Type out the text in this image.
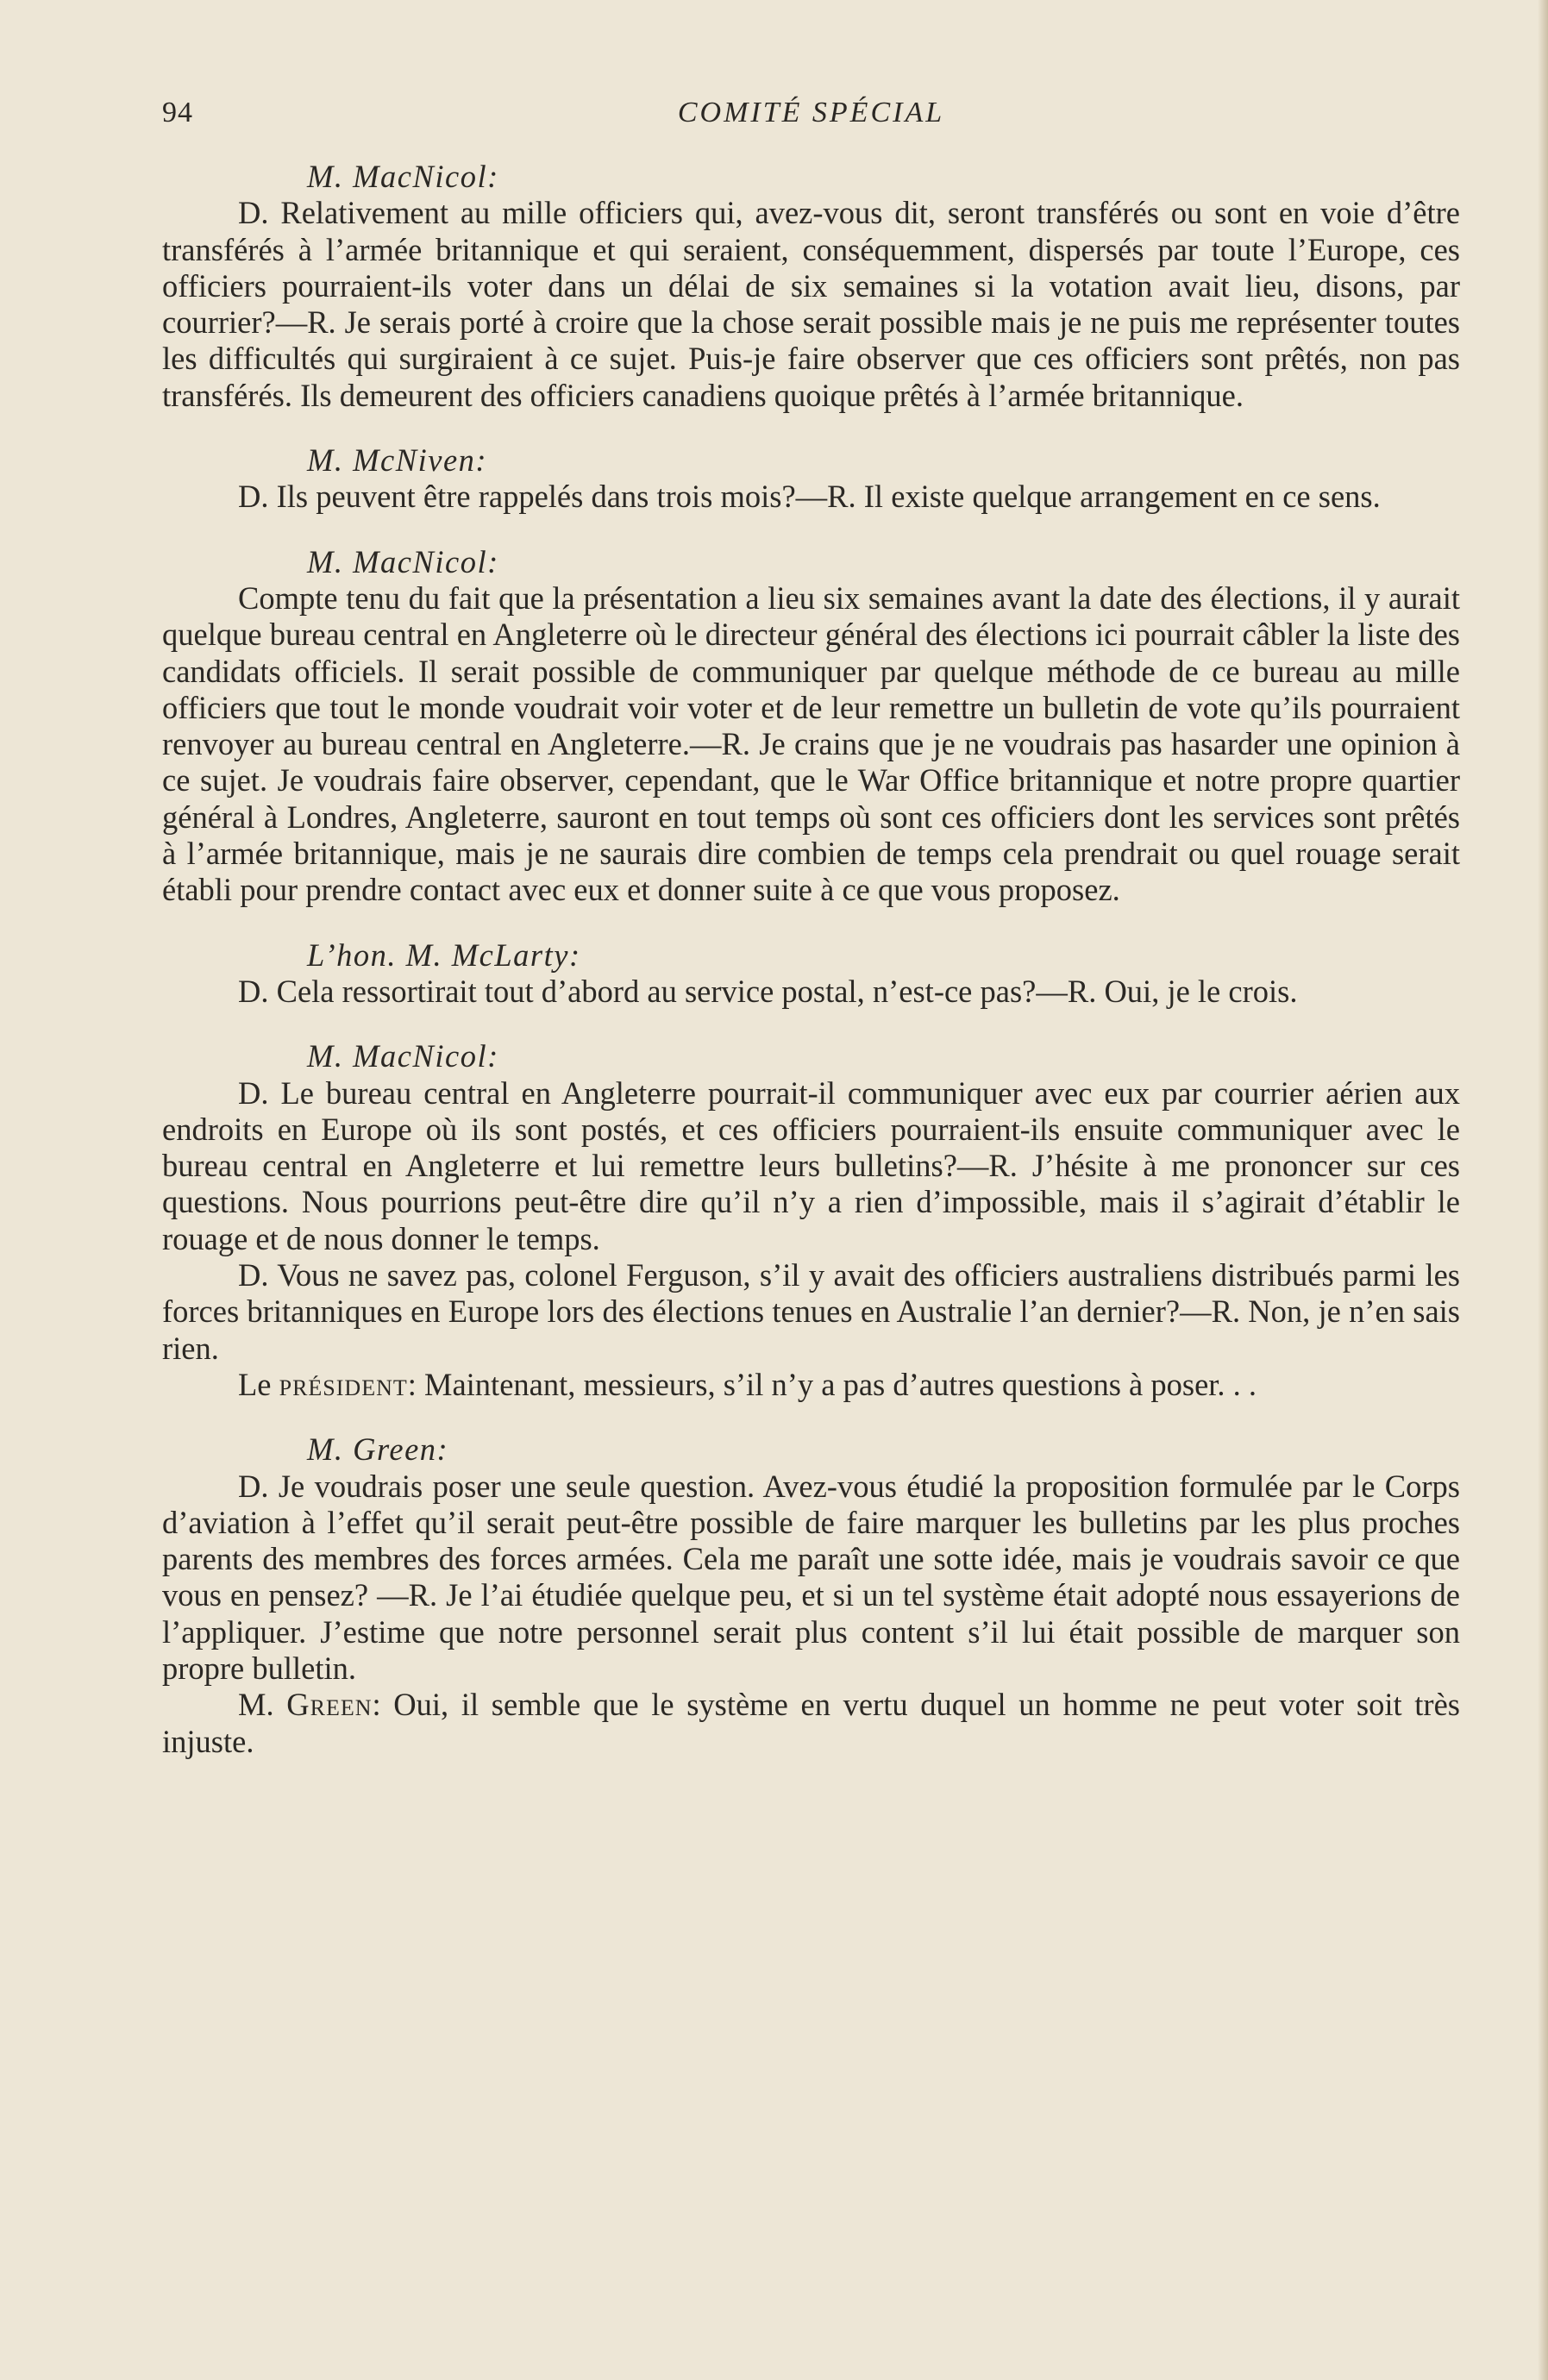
94	COMITÉ SPÉCIAL

M. MacNicol:

D. Relativement au mille officiers qui, avez-vous dit, seront transférés ou sont en voie d’être transférés à l’armée britannique et qui seraient, conséquemment, dispersés par toute l’Europe, ces officiers pourraient-ils voter dans un délai de six semaines si la votation avait lieu, disons, par courrier?—R. Je serais porté à croire que la chose serait possible mais je ne puis me représenter toutes les difficultés qui surgiraient à ce sujet. Puis-je faire observer que ces officiers sont prêtés, non pas transférés. Ils demeurent des officiers canadiens quoique prêtés à l’armée britannique.

M. McNiven:

D. Ils peuvent être rappelés dans trois mois?—R. Il existe quelque arrangement en ce sens.

M. MacNicol:

Compte tenu du fait que la présentation a lieu six semaines avant la date des élections, il y aurait quelque bureau central en Angleterre où le directeur général des élections ici pourrait câbler la liste des candidats officiels. Il serait possible de communiquer par quelque méthode de ce bureau au mille officiers que tout le monde voudrait voir voter et de leur remettre un bulletin de vote qu’ils pourraient renvoyer au bureau central en Angleterre.—R. Je crains que je ne voudrais pas hasarder une opinion à ce sujet. Je voudrais faire observer, cependant, que le War Office britannique et notre propre quartier général à Londres, Angleterre, sauront en tout temps où sont ces officiers dont les services sont prêtés à l’armée britannique, mais je ne saurais dire combien de temps cela prendrait ou quel rouage serait établi pour prendre contact avec eux et donner suite à ce que vous proposez.

L’hon. M. McLarty:

D. Cela ressortirait tout d’abord au service postal, n’est-ce pas?—R. Oui, je le crois.

M. MacNicol:

D. Le bureau central en Angleterre pourrait-il communiquer avec eux par courrier aérien aux endroits en Europe où ils sont postés, et ces officiers pourraient-ils ensuite communiquer avec le bureau central en Angleterre et lui remettre leurs bulletins?—R. J’hésite à me prononcer sur ces questions. Nous pourrions peut-être dire qu’il n’y a rien d’impossible, mais il s’agirait d’établir le rouage et de nous donner le temps.

D. Vous ne savez pas, colonel Ferguson, s’il y avait des officiers australiens distribués parmi les forces britanniques en Europe lors des élections tenues en Australie l’an dernier?—R. Non, je n’en sais rien.

Le président: Maintenant, messieurs, s’il n’y a pas d’autres questions à poser. . .

M. Green:

D. Je voudrais poser une seule question. Avez-vous étudié la proposition formulée par le Corps d’aviation à l’effet qu’il serait peut-être possible de faire marquer les bulletins par les plus proches parents des membres des forces armées. Cela me paraît une sotte idée, mais je voudrais savoir ce que vous en pensez? —R. Je l’ai étudiée quelque peu, et si un tel système était adopté nous essayerions de l’appliquer. J’estime que notre personnel serait plus content s’il lui était possible de marquer son propre bulletin.

M. Green: Oui, il semble que le système en vertu duquel un homme ne peut voter soit très injuste.
